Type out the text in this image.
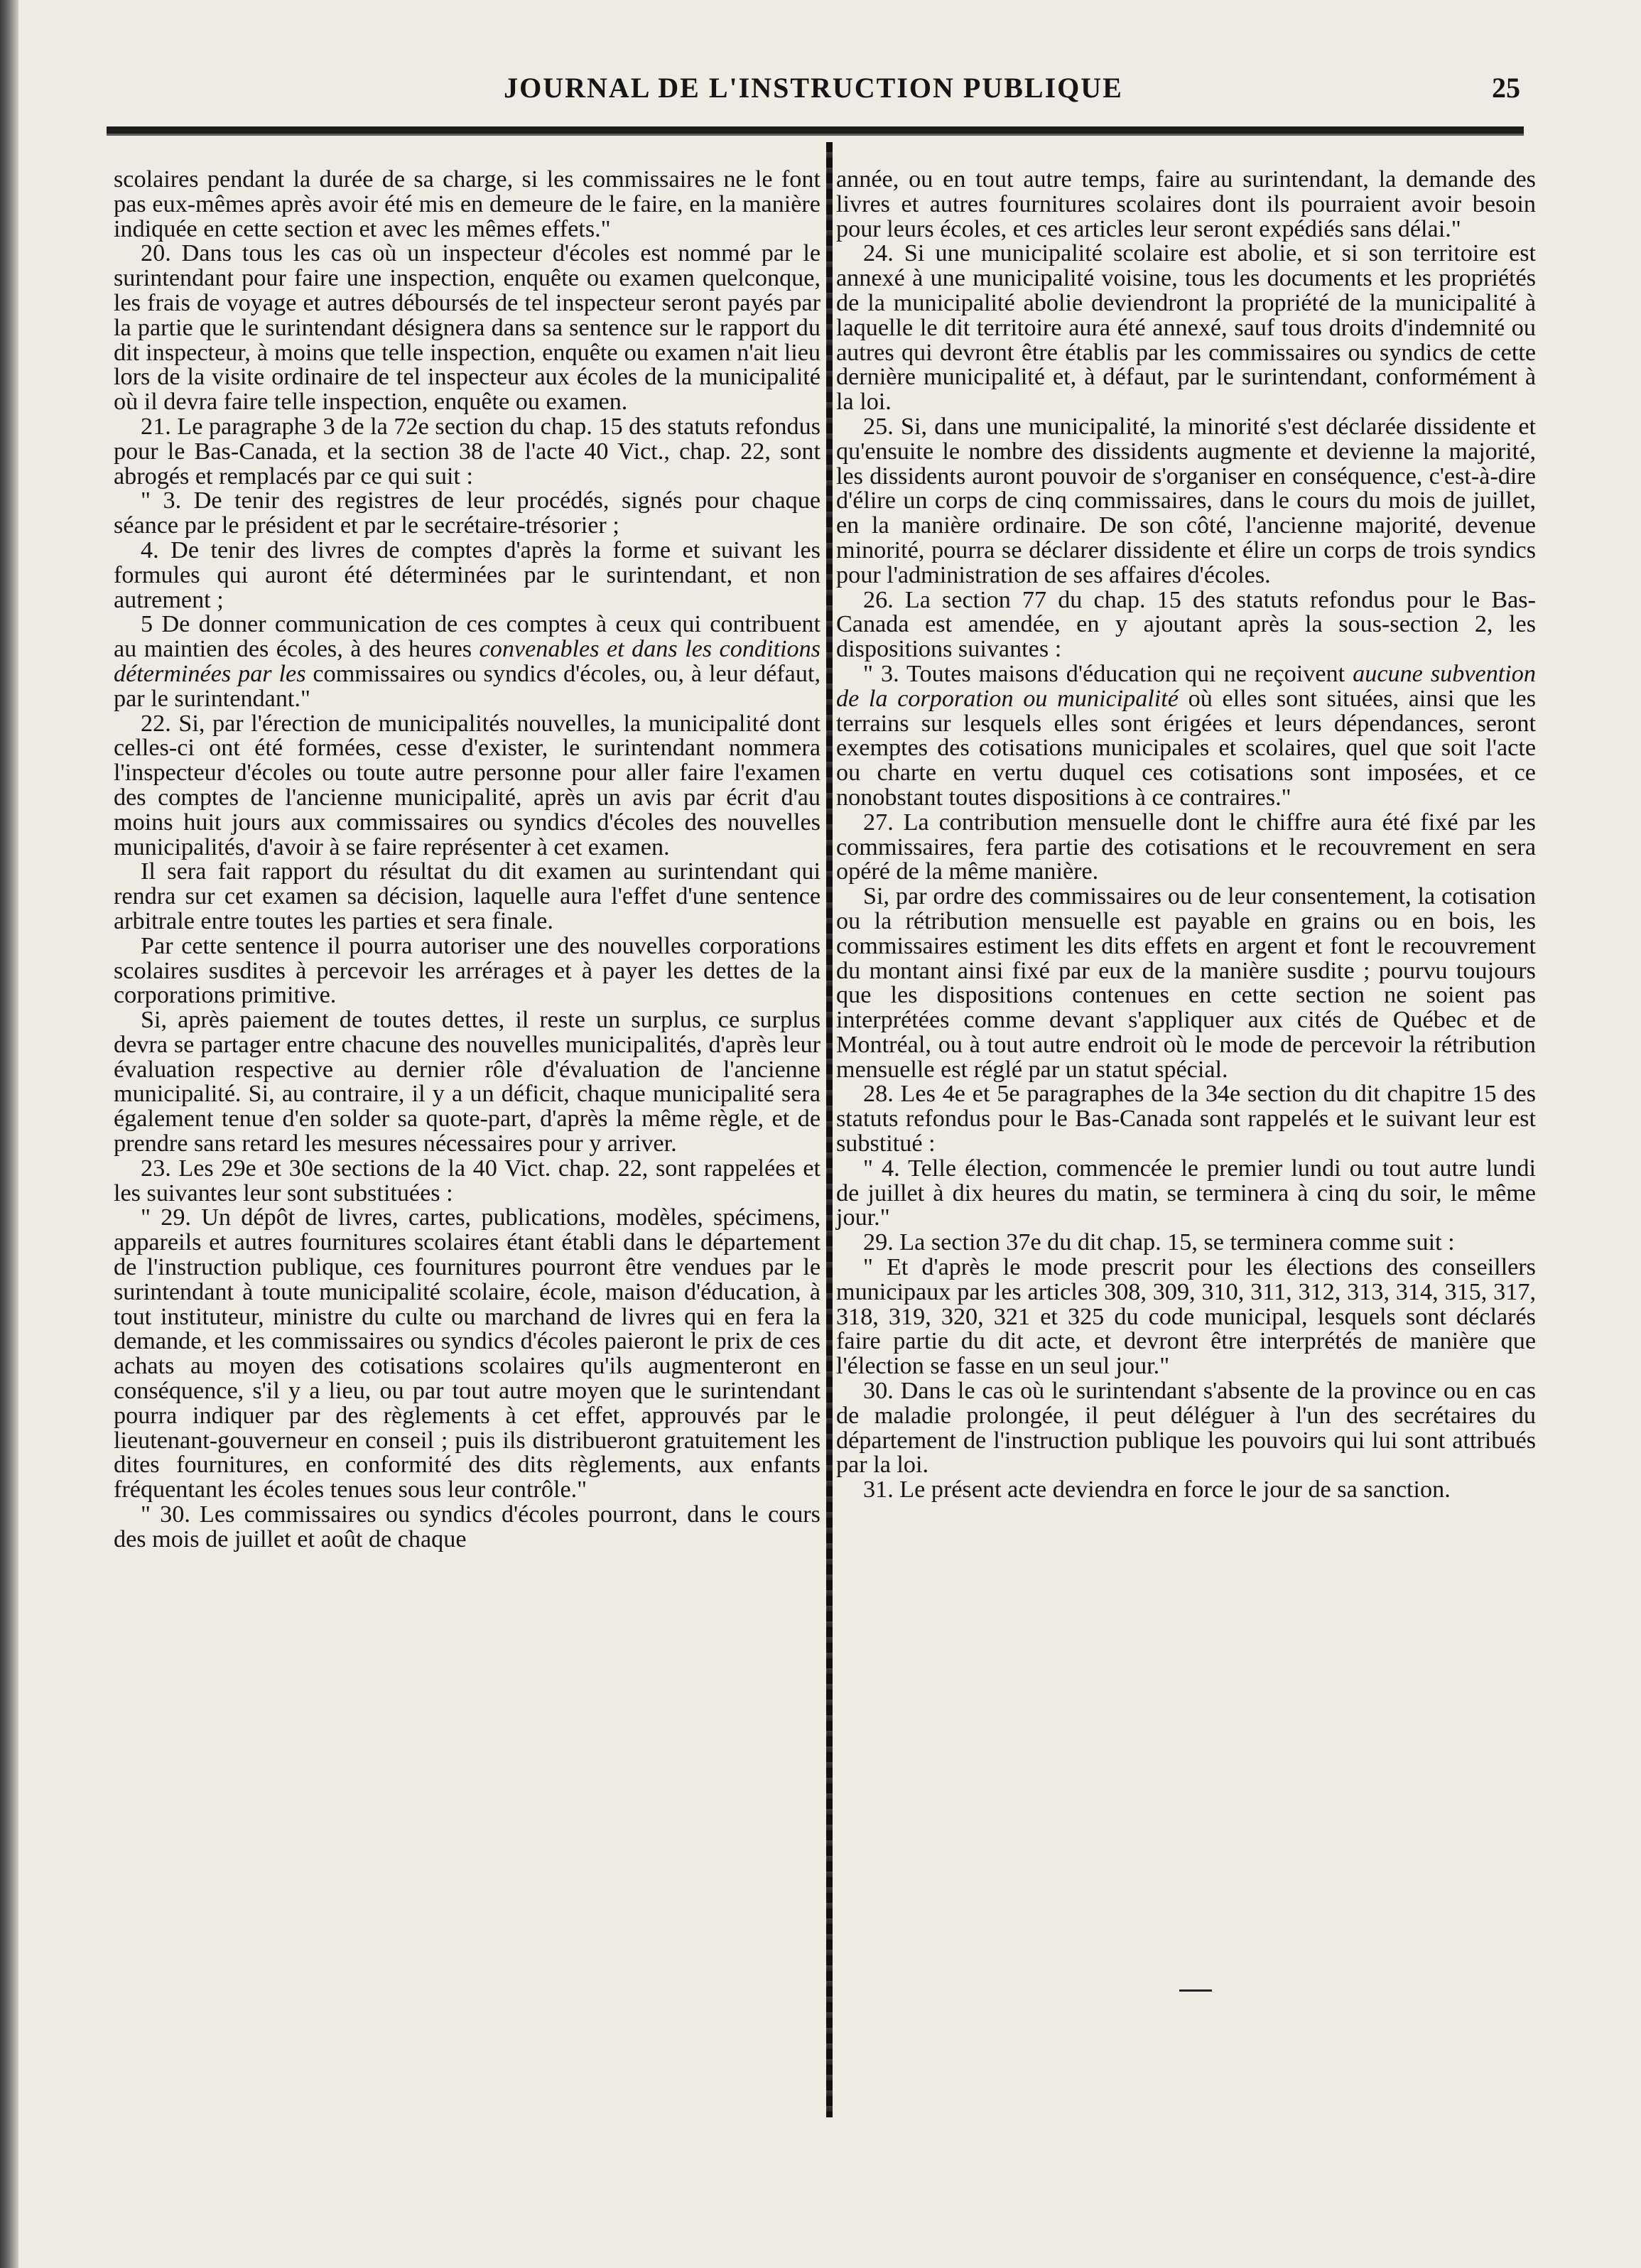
JOURNAL DE L'INSTRUCTION PUBLIQUE	25

scolaires pendant la durée de sa charge, si les commissaires ne le font pas eux-mêmes après avoir été mis en demeure de le faire, en la manière indiquée en cette section et avec les mêmes effets."

20. Dans tous les cas où un inspecteur d'écoles est nommé par le surintendant pour faire une inspection, enquête ou examen quelconque, les frais de voyage et autres déboursés de tel inspecteur seront payés par la partie que le surintendant désignera dans sa sentence sur le rapport du dit inspecteur, à moins que telle inspection, enquête ou examen n'ait lieu lors de la visite ordinaire de tel inspecteur aux écoles de la municipalité où il devra faire telle inspection, enquête ou examen.

21. Le paragraphe 3 de la 72e section du chap. 15 des statuts refondus pour le Bas-Canada, et la section 38 de l'acte 40 Vict., chap. 22, sont abrogés et remplacés par ce qui suit :

" 3. De tenir des registres de leur procédés, signés pour chaque séance par le président et par le secrétaire-trésorier ;

4. De tenir des livres de comptes d'après la forme et suivant les formules qui auront été déterminées par le surintendant, et non autrement ;

5 De donner communication de ces comptes à ceux qui contribuent au maintien des écoles, à des heures convenables et dans les conditions déterminées par les commissaires ou syndics d'écoles, ou, à leur défaut, par le surintendant."

22. Si, par l'érection de municipalités nouvelles, la municipalité dont celles-ci ont été formées, cesse d'exister, le surintendant nommera l'inspecteur d'écoles ou toute autre personne pour aller faire l'examen des comptes de l'ancienne municipalité, après un avis par écrit d'au moins huit jours aux commissaires ou syndics d'écoles des nouvelles municipalités, d'avoir à se faire représenter à cet examen.

Il sera fait rapport du résultat du dit examen au surintendant qui rendra sur cet examen sa décision, laquelle aura l'effet d'une sentence arbitrale entre toutes les parties et sera finale.

Par cette sentence il pourra autoriser une des nouvelles corporations scolaires susdites à percevoir les arrérages et à payer les dettes de la corporations primitive.

Si, après paiement de toutes dettes, il reste un surplus, ce surplus devra se partager entre chacune des nouvelles municipalités, d'après leur évaluation respective au dernier rôle d'évaluation de l'ancienne municipalité. Si, au contraire, il y a un déficit, chaque municipalité sera également tenue d'en solder sa quote-part, d'après la même règle, et de prendre sans retard les mesures nécessaires pour y arriver.

23. Les 29e et 30e sections de la 40 Vict. chap. 22, sont rappelées et les suivantes leur sont substituées :

" 29. Un dépôt de livres, cartes, publications, modèles, spécimens, appareils et autres fournitures scolaires étant établi dans le département de l'instruction publique, ces fournitures pourront être vendues par le surintendant à toute municipalité scolaire, école, maison d'éducation, à tout instituteur, ministre du culte ou marchand de livres qui en fera la demande, et les commissaires ou syndics d'écoles paieront le prix de ces achats au moyen des cotisations scolaires qu'ils augmenteront en conséquence, s'il y a lieu, ou par tout autre moyen que le surintendant pourra indiquer par des règlements à cet effet, approuvés par le lieutenant-gouverneur en conseil ; puis ils distribueront gratuitement les dites fournitures, en conformité des dits règlements, aux enfants fréquentant les écoles tenues sous leur contrôle."

" 30. Les commissaires ou syndics d'écoles pourront, dans le cours des mois de juillet et août de chaque

année, ou en tout autre temps, faire au surintendant, la demande des livres et autres fournitures scolaires dont ils pourraient avoir besoin pour leurs écoles, et ces articles leur seront expédiés sans délai."

24. Si une municipalité scolaire est abolie, et si son territoire est annexé à une municipalité voisine, tous les documents et les propriétés de la municipalité abolie deviendront la propriété de la municipalité à laquelle le dit territoire aura été annexé, sauf tous droits d'indemnité ou autres qui devront être établis par les commissaires ou syndics de cette dernière municipalité et, à défaut, par le surintendant, conformément à la loi.

25. Si, dans une municipalité, la minorité s'est déclarée dissidente et qu'ensuite le nombre des dissidents augmente et devienne la majorité, les dissidents auront pouvoir de s'organiser en conséquence, c'est-à-dire d'élire un corps de cinq commissaires, dans le cours du mois de juillet, en la manière ordinaire. De son côté, l'ancienne majorité, devenue minorité, pourra se déclarer dissidente et élire un corps de trois syndics pour l'administration de ses affaires d'écoles.

26. La section 77 du chap. 15 des statuts refondus pour le Bas-Canada est amendée, en y ajoutant après la sous-section 2, les dispositions suivantes :

" 3. Toutes maisons d'éducation qui ne reçoivent aucune subvention de la corporation ou municipalité où elles sont situées, ainsi que les terrains sur lesquels elles sont érigées et leurs dépendances, seront exemptes des cotisations municipales et scolaires, quel que soit l'acte ou charte en vertu duquel ces cotisations sont imposées, et ce nonobstant toutes dispositions à ce contraires."

27. La contribution mensuelle dont le chiffre aura été fixé par les commissaires, fera partie des cotisations et le recouvrement en sera opéré de la même manière.

Si, par ordre des commissaires ou de leur consentement, la cotisation ou la rétribution mensuelle est payable en grains ou en bois, les commissaires estiment les dits effets en argent et font le recouvrement du montant ainsi fixé par eux de la manière susdite ; pourvu toujours que les dispositions contenues en cette section ne soient pas interprétées comme devant s'appliquer aux cités de Québec et de Montréal, ou à tout autre endroit où le mode de percevoir la rétribution mensuelle est réglé par un statut spécial.

28. Les 4e et 5e paragraphes de la 34e section du dit chapitre 15 des statuts refondus pour le Bas-Canada sont rappelés et le suivant leur est substitué :

" 4. Telle élection, commencée le premier lundi ou tout autre lundi de juillet à dix heures du matin, se terminera à cinq du soir, le même jour."

29. La section 37e du dit chap. 15, se terminera comme suit :

" Et d'après le mode prescrit pour les élections des conseillers municipaux par les articles 308, 309, 310, 311, 312, 313, 314, 315, 317, 318, 319, 320, 321 et 325 du code municipal, lesquels sont déclarés faire partie du dit acte, et devront être interprétés de manière que l'élection se fasse en un seul jour."

30. Dans le cas où le surintendant s'absente de la province ou en cas de maladie prolongée, il peut déléguer à l'un des secrétaires du département de l'instruction publique les pouvoirs qui lui sont attribués par la loi.

31. Le présent acte deviendra en force le jour de sa sanction.
